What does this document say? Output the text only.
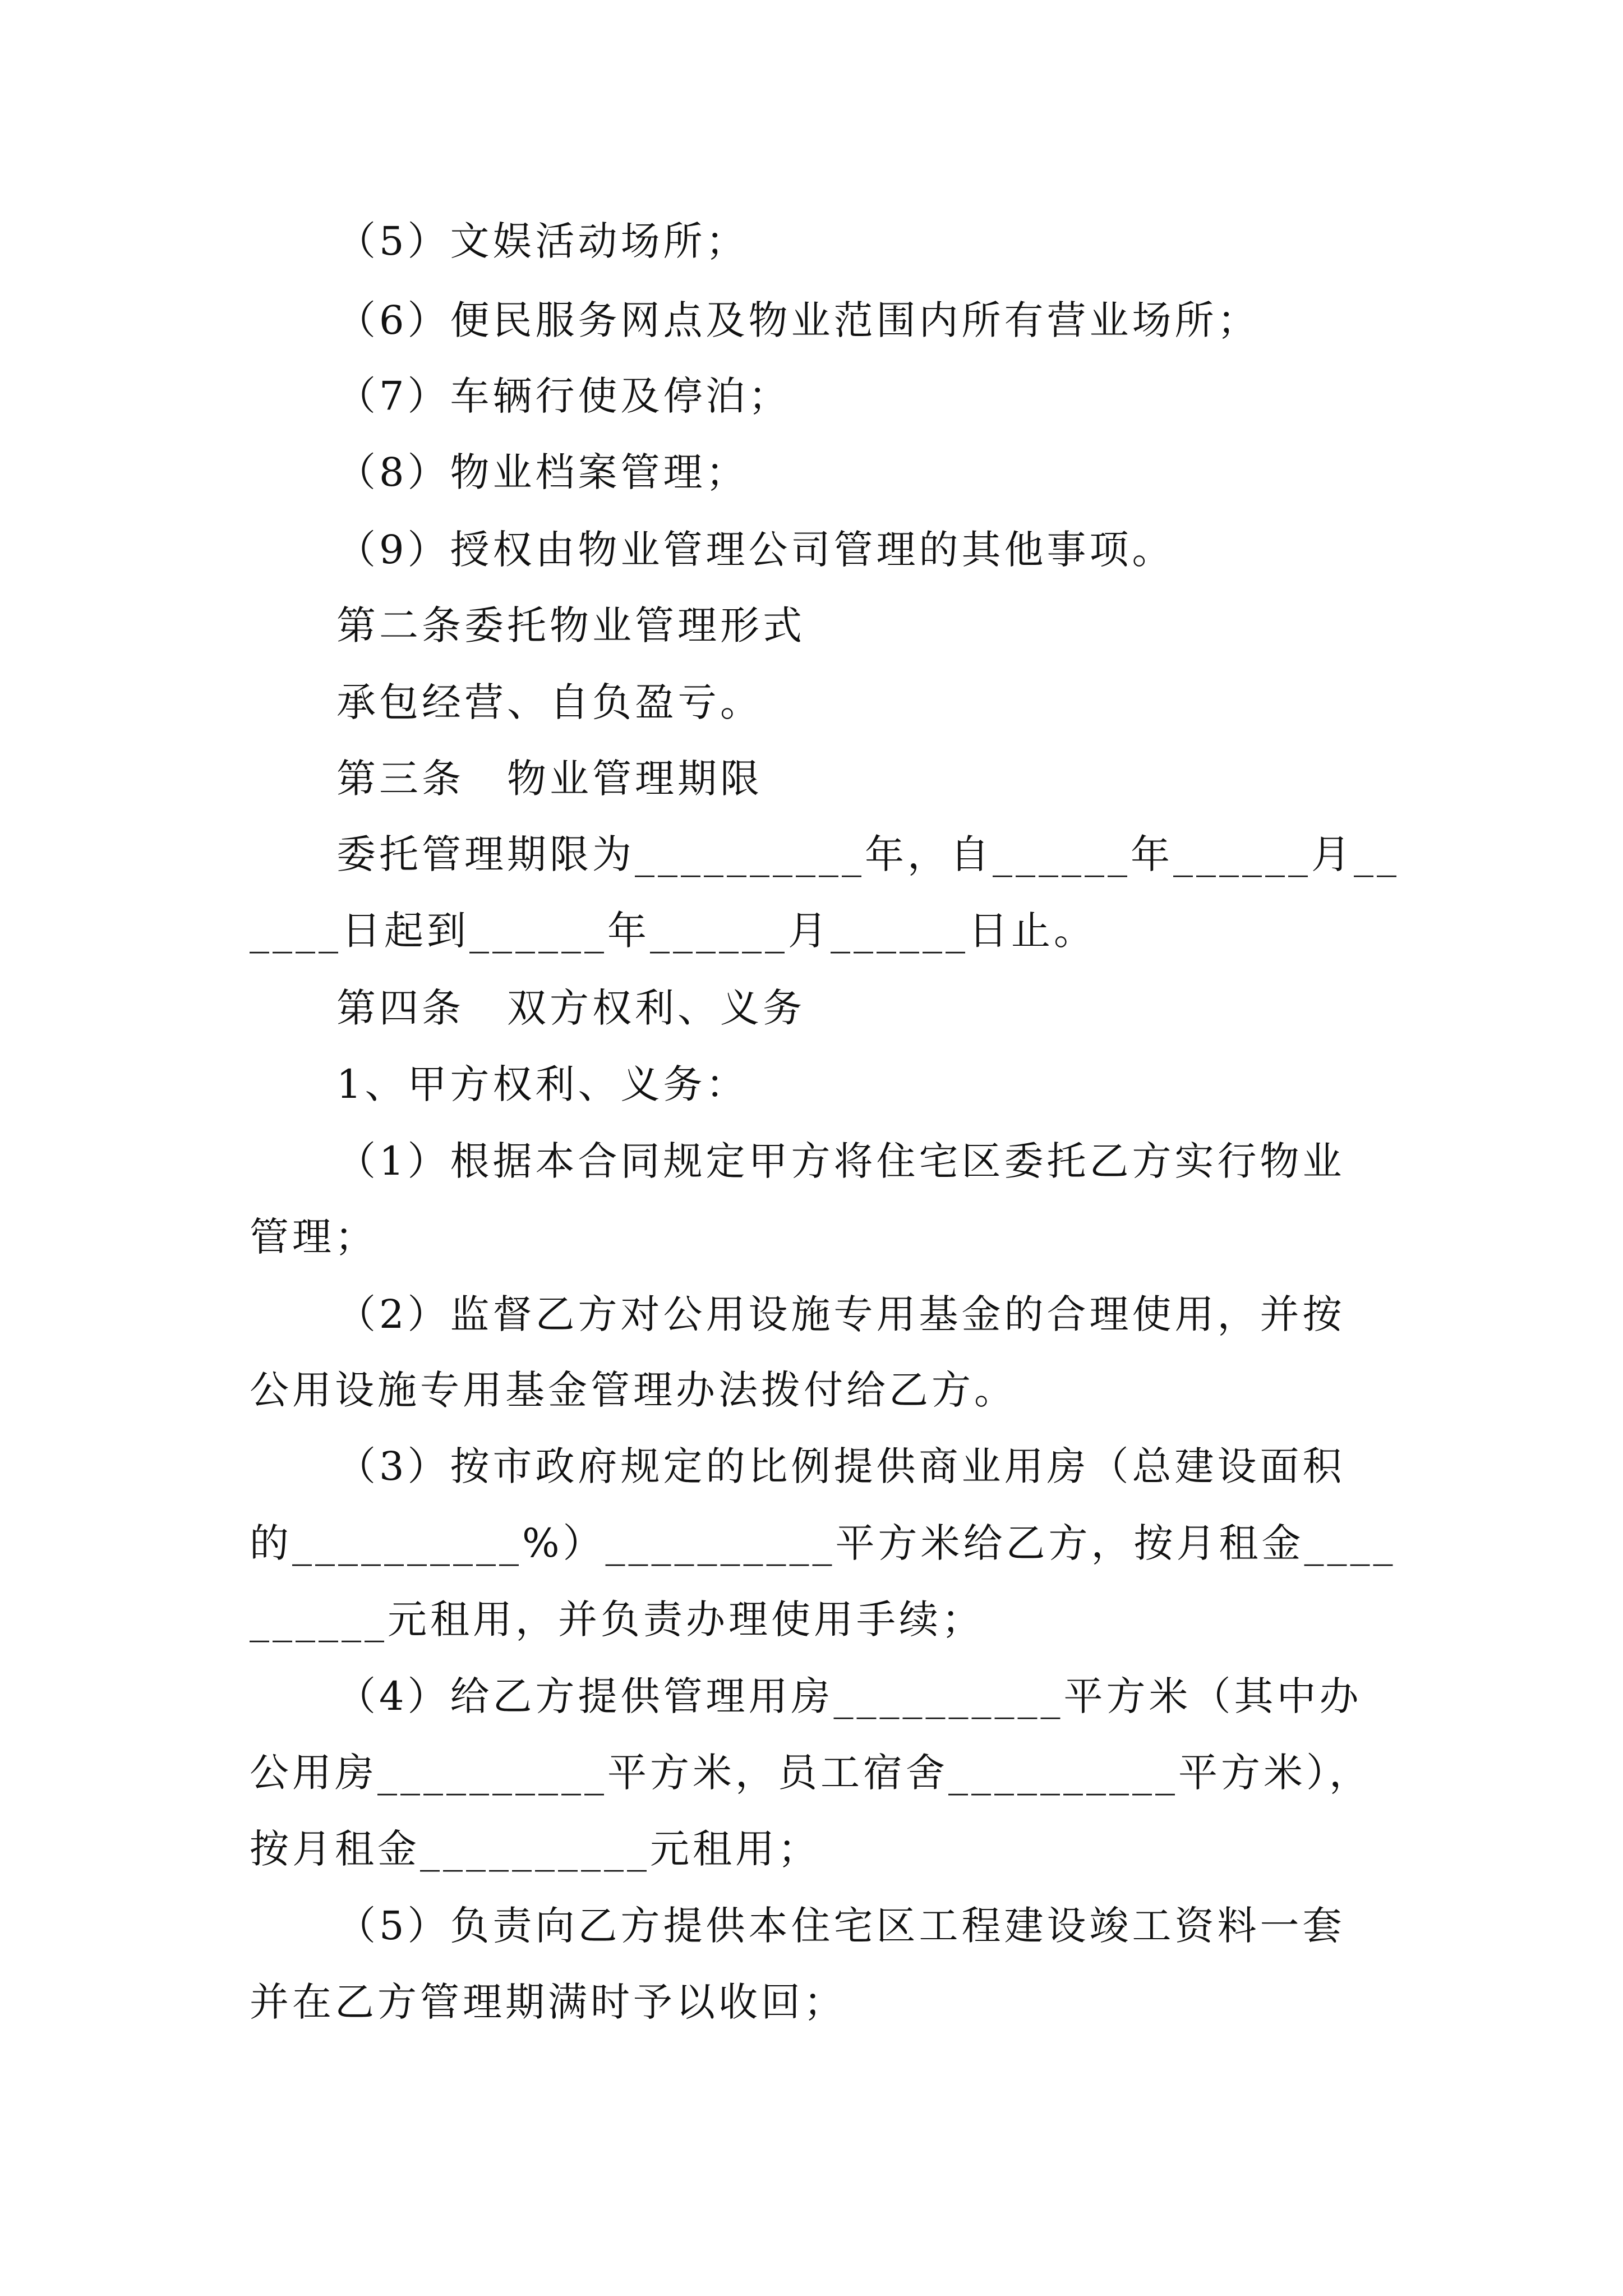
（5）文娱活动场所；
（6）便民服务网点及物业范围内所有营业场所；
（7）车辆行使及停泊；
（8）物业档案管理；
（9）授权由物业管理公司管理的其他事项。
第二条委托物业管理形式
承包经营、自负盈亏。
第三条　物业管理期限
委托管理期限为__________年，自______年______月__
____日起到______年______月______日止。
第四条　双方权利、义务
1、甲方权利、义务：
（1）根据本合同规定甲方将住宅区委托乙方实行物业
管理；
（2）监督乙方对公用设施专用基金的合理使用，并按
公用设施专用基金管理办法拨付给乙方。
（3）按市政府规定的比例提供商业用房（总建设面积
的__________%）__________平方米给乙方，按月租金____
______元租用，并负责办理使用手续；
（4）给乙方提供管理用房__________平方米（其中办
公用房__________平方米，员工宿舍__________平方米），
按月租金__________元租用；
（5）负责向乙方提供本住宅区工程建设竣工资料一套
并在乙方管理期满时予以收回；
